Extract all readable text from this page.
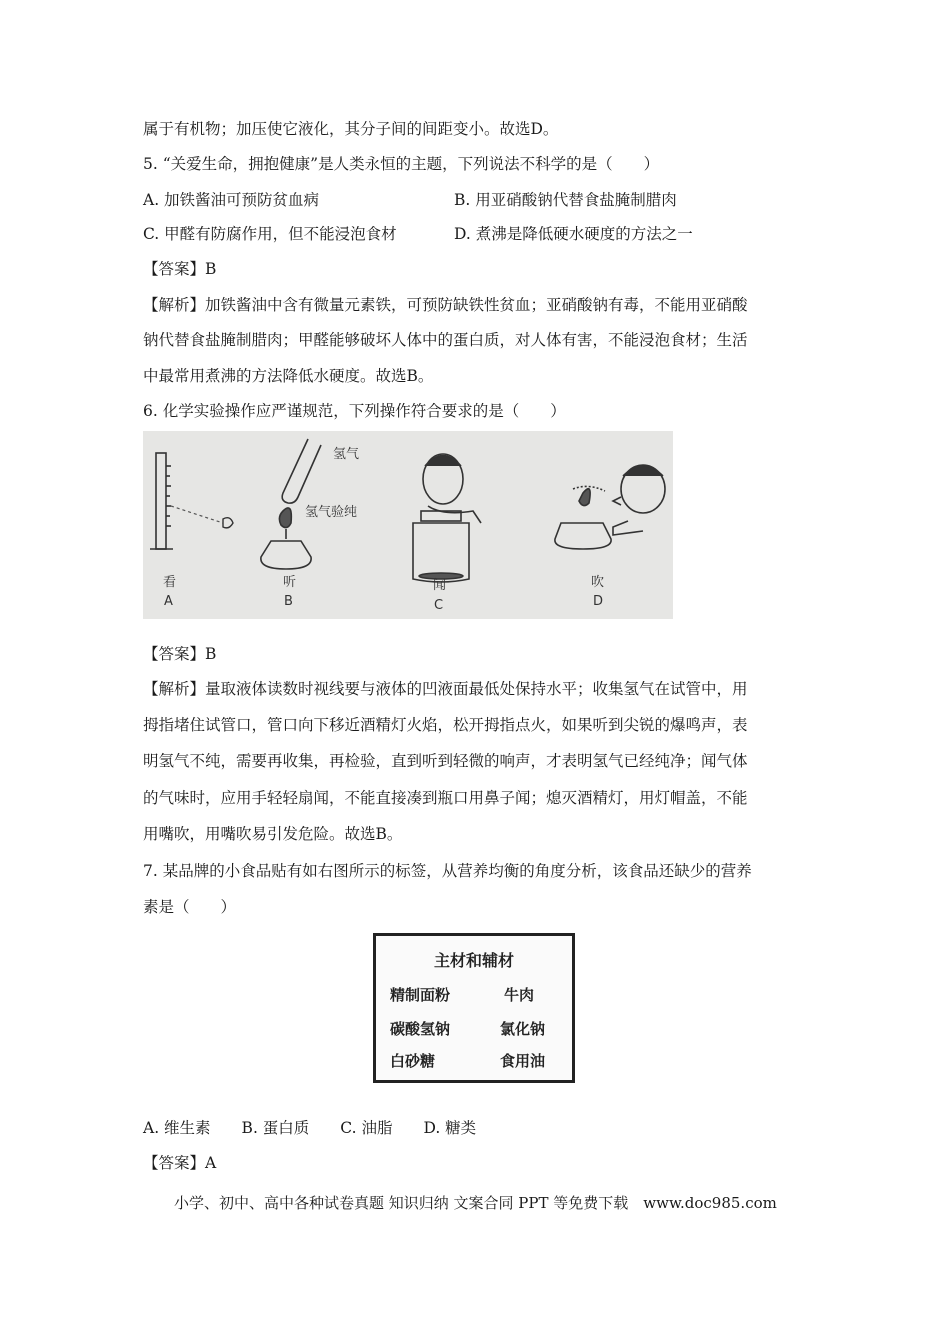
属于有机物；加压使它液化，其分子间的间距变小。故选D。
5. “关爱生命，拥抱健康”是人类永恒的主题，下列说法不科学的是（　　）
A. 加铁酱油可预防贫血病	B. 用亚硝酸钠代替食盐腌制腊肉
C. 甲醛有防腐作用，但不能浸泡食材	D. 煮沸是降低硬水硬度的方法之一
【答案】B
【解析】加铁酱油中含有微量元素铁，可预防缺铁性贫血；亚硝酸钠有毒，不能用亚硝酸
钠代替食盐腌制腊肉；甲醛能够破坏人体中的蛋白质，对人体有害，不能浸泡食材；生活
中最常用煮沸的方法降低水硬度。故选B。
6. 化学实验操作应严谨规范，下列操作符合要求的是（　　）
氢气
氢气验纯
看	听	闻	吹
A	B	C	D
【答案】B
【解析】量取液体读数时视线要与液体的凹液面最低处保持水平；收集氢气在试管中，用
拇指堵住试管口，管口向下移近酒精灯火焰，松开拇指点火，如果听到尖锐的爆鸣声，表
明氢气不纯，需要再收集，再检验，直到听到轻微的响声，才表明氢气已经纯净；闻气体
的气味时，应用手轻轻扇闻，不能直接凑到瓶口用鼻子闻；熄灭酒精灯，用灯帽盖，不能
用嘴吹，用嘴吹易引发危险。故选B。
7. 某品牌的小食品贴有如右图所示的标签，从营养均衡的角度分析，该食品还缺少的营养
素是（　　）
主材和辅材
精制面粉	牛肉
碳酸氢钠	氯化钠
白砂糖	食用油
A. 维生素　　B. 蛋白质　　C. 油脂　　D. 糖类
【答案】A
小学、初中、高中各种试卷真题 知识归纳 文案合同 PPT 等免费下载　www.doc985.com
